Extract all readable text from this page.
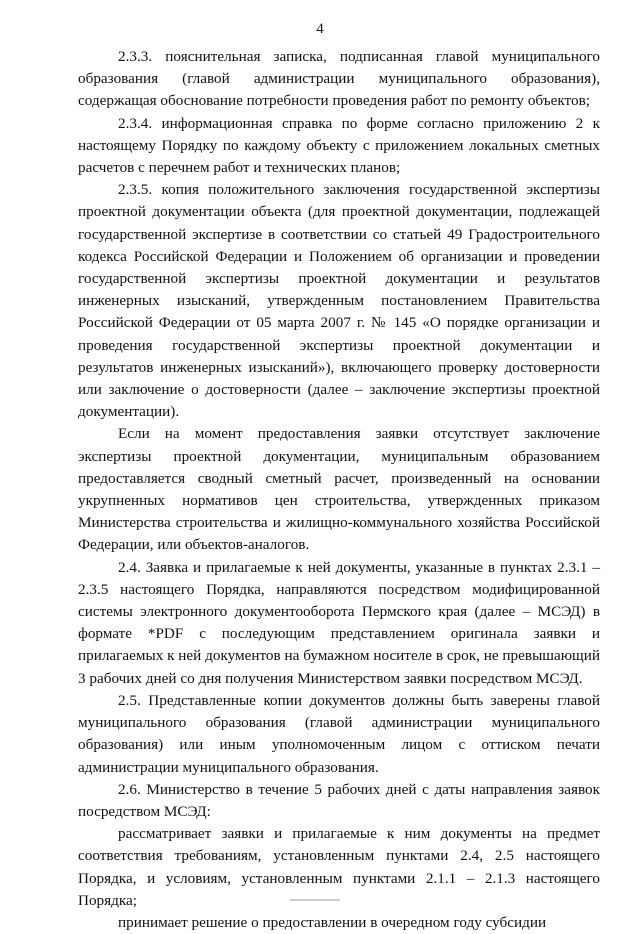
4

2.3.3. пояснительная записка, подписанная главой муниципального образования (главой администрации муниципального образования), содержащая обоснование потребности проведения работ по ремонту объектов;

2.3.4. информационная справка по форме согласно приложению 2 к настоящему Порядку по каждому объекту с приложением локальных сметных расчетов с перечнем работ и технических планов;

2.3.5. копия положительного заключения государственной экспертизы проектной документации объекта (для проектной документации, подлежащей государственной экспертизе в соответствии со статьей 49 Градостроительного кодекса Российской Федерации и Положением об организации и проведении государственной экспертизы проектной документации и результатов инженерных изысканий, утвержденным постановлением Правительства Российской Федерации от 05 марта 2007 г. № 145 «О порядке организации и проведения государственной экспертизы проектной документации и результатов инженерных изысканий»), включающего проверку достоверности или заключение о достоверности (далее – заключение экспертизы проектной документации).

Если на момент предоставления заявки отсутствует заключение экспертизы проектной документации, муниципальным образованием предоставляется сводный сметный расчет, произведенный на основании укрупненных нормативов цен строительства, утвержденных приказом Министерства строительства и жилищно-коммунального хозяйства Российской Федерации, или объектов-аналогов.

2.4. Заявка и прилагаемые к ней документы, указанные в пунктах 2.3.1 – 2.3.5 настоящего Порядка, направляются посредством модифицированной системы электронного документооборота Пермского края (далее – МСЭД) в формате *PDF с последующим представлением оригинала заявки и прилагаемых к ней документов на бумажном носителе в срок, не превышающий 3 рабочих дней со дня получения Министерством заявки посредством МСЭД.

2.5. Представленные копии документов должны быть заверены главой муниципального образования (главой администрации муниципального образования) или иным уполномоченным лицом с оттиском печати администрации муниципального образования.

2.6. Министерство в течение 5 рабочих дней с даты направления заявок посредством МСЭД:

рассматривает заявки и прилагаемые к ним документы на предмет соответствия требованиям, установленным пунктами 2.4, 2.5 настоящего Порядка, и условиям, установленным пунктами 2.1.1 – 2.1.3 настоящего Порядка;

принимает решение о предоставлении в очередном году субсидии
